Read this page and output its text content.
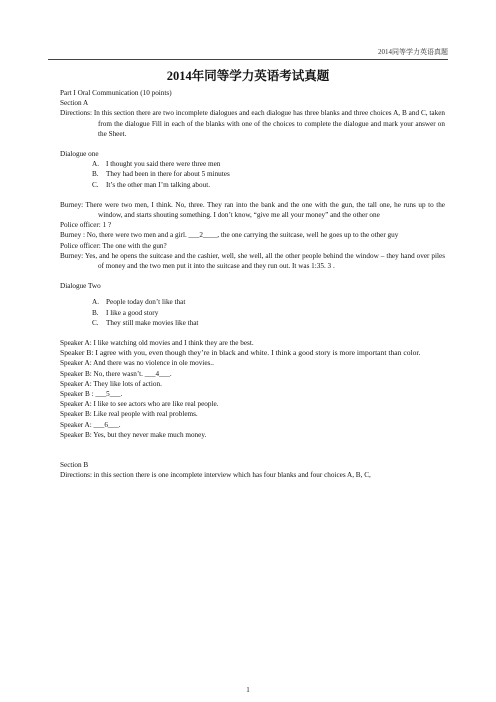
2014同等学力英语真题
2014年同等学力英语考试真题

Part I Oral Communication (10 points)

Section A

Directions: In this section there are two incomplete dialogues and each dialogue has three blanks and three choices A, B and C, taken from the dialogue Fill in each of the blanks with one of the choices to complete the dialogue and mark your answer on the Sheet.

Dialogue one

A. I thought you said there were three men

B. They had been in there for about 5 minutes

C. It’s the other man I’m talking about.

Burney: There were two men, I think. No, three. They ran into the bank and the one with the gun, the tall one, he runs up to the window, and starts shouting something. I don’t know, “give me all your money” and the other one

Police officer: 1 ?

Burney : No, there were two men and a girl. ___2____, the one carrying the suitcase, well he goes up to the other guy

Police officer: The one with the gun?

Burney: Yes, and he opens the suitcase and the cashier, well, she well, all the other people behind the window – they hand over piles of money and the two men put it into the suitcase and they run out. It was 1:35. 3 .

Dialogue Two

A. People today don’t like that

B. I like a good story

C. They still make movies like that

Speaker A: I like watching old movies and I think they are the best.

Speaker B: I agree with you, even though they’re in black and white. I think a good story is more important than color.

Speaker A: And there was no violence in ole movies..

Speaker B: No, there wasn’t. ___4___.

Speaker A: They like lots of action.

Speaker B : ___5___.

Speaker A: I like to see actors who are like real people.

Speaker B: Like real people with real problems.

Speaker A: ___6___.

Speaker B: Yes, but they never make much money.

Section B

Directions: in this section there is one incomplete interview which has four blanks and four choices A, B, C,

1
